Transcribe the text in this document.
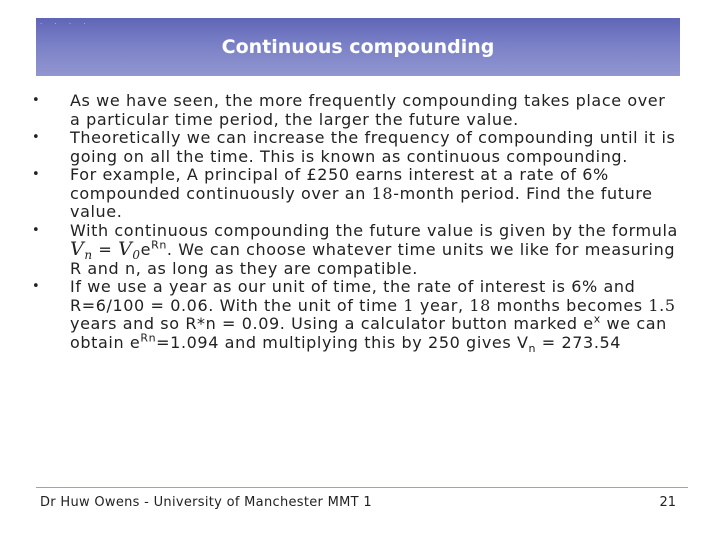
· · · ·
Continuous compounding
• As we have seen, the more frequently compounding takes place over a particular time period, the larger the future value.
• Theoretically we can increase the frequency of compounding until it is going on all the time. This is known as continuous compounding.
• For example, A principal of £250 earns interest at a rate of 6% compounded continuously over an 18-month period. Find the future value.
• With continuous compounding the future value is given by the formula $V_n = V_0e^{Rn}$. We can choose whatever time units we like for measuring R and n, as long as they are compatible.
• If we use a year as our unit of time, the rate of interest is 6% and R=6/100 = 0.06. With the unit of time 1 year, 18 months becomes 1.5 years and so R*n = 0.09. Using a calculator button marked $e^x$ we can obtain $e^{Rn}=1.094$ and multiplying this by 250 gives $V_n = 273.54$
Dr Huw Owens - University of Manchester MMT 1	21
